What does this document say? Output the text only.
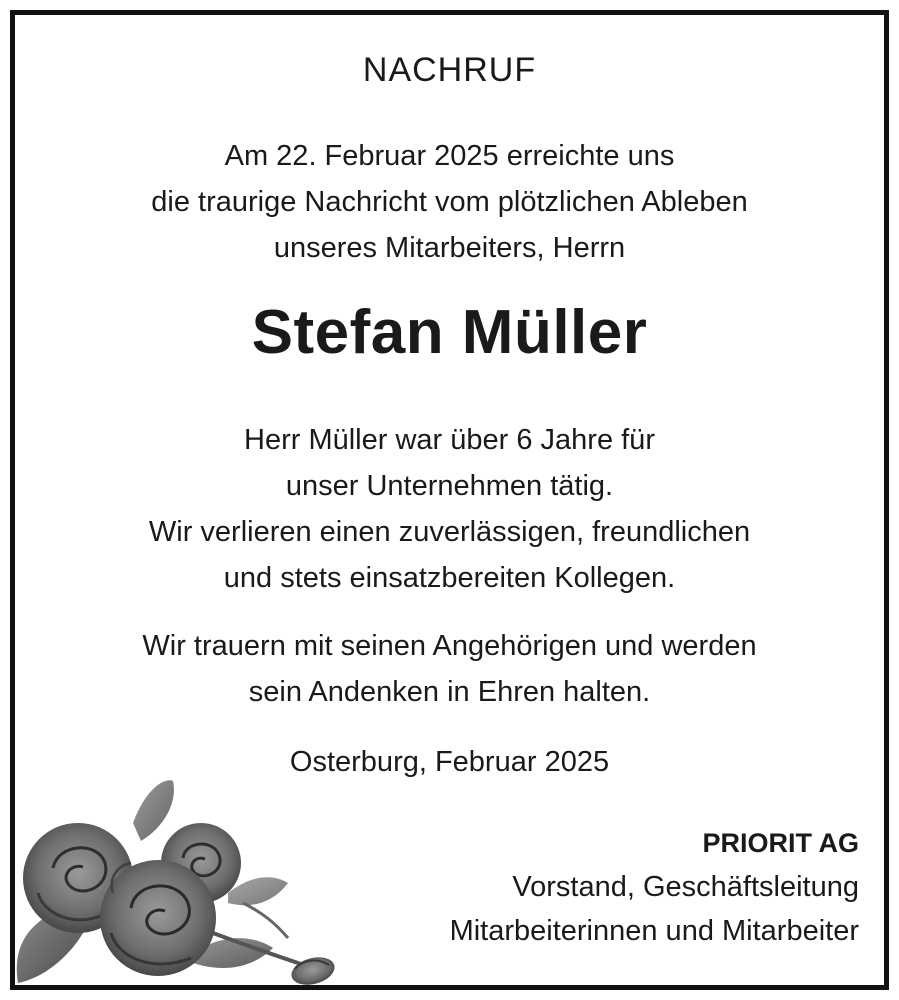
NACHRUF
Am 22. Februar 2025 erreichte uns
die traurige Nachricht vom plötzlichen Ableben
unseres Mitarbeiters, Herrn
Stefan Müller
Herr Müller war über 6 Jahre für
unser Unternehmen tätig.
Wir verlieren einen zuverlässigen, freundlichen
und stets einsatzbereiten Kollegen.
Wir trauern mit seinen Angehörigen und werden
sein Andenken in Ehren halten.
Osterburg, Februar 2025
PRIORIT AG
Vorstand, Geschäftsleitung
Mitarbeiterinnen und Mitarbeiter
